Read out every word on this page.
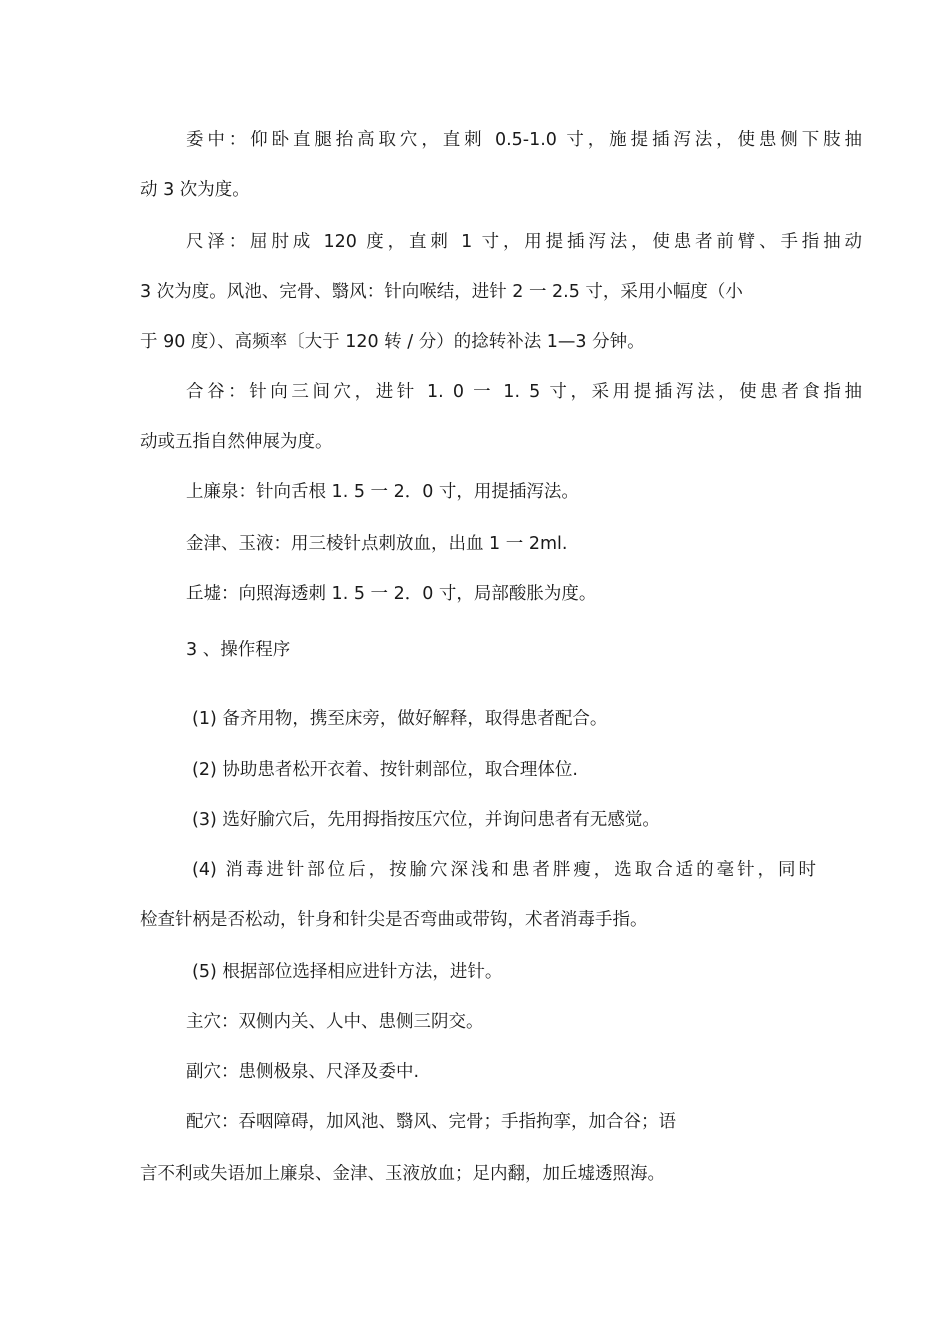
委中：仰卧直腿抬高取穴，直刺 0.5-1.0 寸，施提插泻法，使患侧下肢抽

动 3 次为度。

尺泽：屈肘成 120 度，直刺 1 寸，用提插泻法，使患者前臂、手指抽动

3 次为度。风池、完骨、翳风：针向喉结，进针 2 一 2.5 寸，采用小幅度（小

于 90 度）、高频率〔大于 120 转 / 分）的捻转补法 1—3 分钟。

合谷：针向三间穴，进针 1. 0 一 1. 5 寸，采用提插泻法，使患者食指抽

动或五指自然伸展为度。

上廉泉：针向舌根 1. 5 一 2．0 寸，用提插泻法。

金津、玉液：用三棱针点刺放血，出血 1 一 2ml.

丘墟：向照海透刺 1. 5 一 2．0 寸，局部酸胀为度。

3 、操作程序

(1) 备齐用物，携至床旁，做好解释，取得患者配合。

(2) 协助患者松开衣着、按针刺部位，取合理体位.

(3) 选好腧穴后，先用拇指按压穴位，并询问患者有无感觉。

(4) 消毒进针部位后，按腧穴深浅和患者胖瘦，选取合适的毫针，同时

检查针柄是否松动，针身和针尖是否弯曲或带钩，术者消毒手指。

(5) 根据部位选择相应进针方法，进针。

主穴：双侧内关、人中、患侧三阴交。

副穴：患侧极泉、尺泽及委中.

配穴：吞咽障碍，加风池、翳风、完骨；手指拘挛，加合谷；语

言不利或失语加上廉泉、金津、玉液放血；足内翻，加丘墟透照海。
